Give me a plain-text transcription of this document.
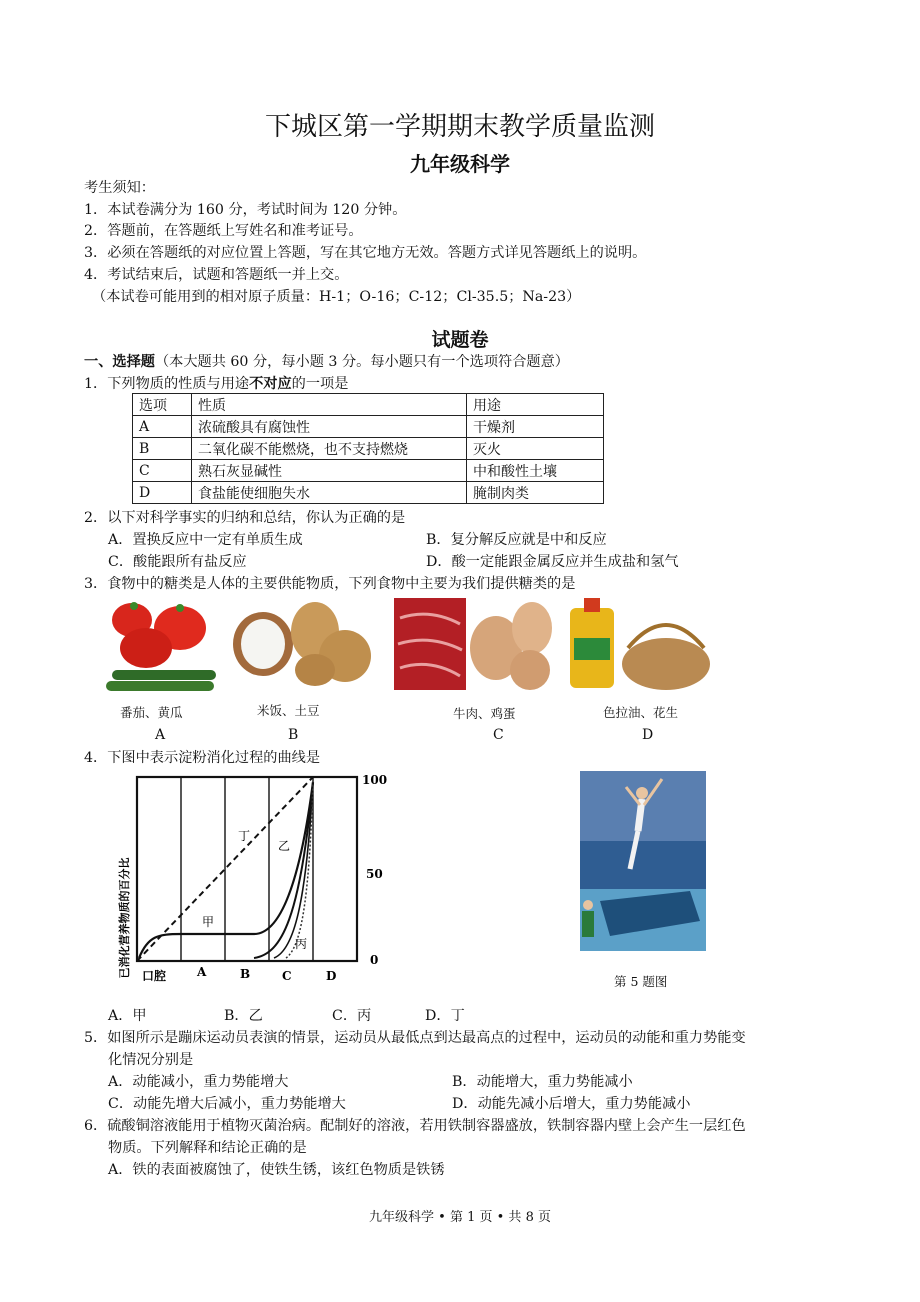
下城区第一学期期末教学质量监测
九年级科学
考生须知：
1．本试卷满分为 160 分，考试时间为 120 分钟。
2．答题前，在答题纸上写姓名和准考证号。
3．必须在答题纸的对应位置上答题，写在其它地方无效。答题方式详见答题纸上的说明。
4．考试结束后，试题和答题纸一并上交。
（本试卷可能用到的相对原子质量：H-1；O-16；C-12；Cl-35.5；Na-23）
试题卷
一、选择题（本大题共 60 分，每小题 3 分。每小题只有一个选项符合题意）
1．下列物质的性质与用途不对应的一项是
选项	性质	用途
A	浓硫酸具有腐蚀性	干燥剂
B	二氧化碳不能燃烧，也不支持燃烧	灭火
C	熟石灰显碱性	中和酸性土壤
D	食盐能使细胞失水	腌制肉类
2．以下对科学事实的归纳和总结，你认为正确的是
A．置换反应中一定有单质生成	B．复分解反应就是中和反应
C．酸能跟所有盐反应	D．酸一定能跟金属反应并生成盐和氢气
3．食物中的糖类是人体的主要供能物质，下列食物中主要为我们提供糖类的是
番茄、黄瓜	米饭、土豆	牛肉、鸡蛋	色拉油、花生
A	B	C	D
4．下图中表示淀粉消化过程的曲线是
已消化营养物质的百分比
丁
乙
甲
丙
100
50
0
口腔	A	B	C	D	第 5 题图
A．甲	B．乙	C．丙	D．丁
5．如图所示是蹦床运动员表演的情景，运动员从最低点到达最高点的过程中，运动员的动能和重力势能变
化情况分别是
A．动能减小，重力势能增大	B．动能增大，重力势能减小
C．动能先增大后减小，重力势能增大	D．动能先减小后增大，重力势能减小
6．硫酸铜溶液能用于植物灭菌治病。配制好的溶液，若用铁制容器盛放，铁制容器内壁上会产生一层红色
物质。下列解释和结论正确的是
A．铁的表面被腐蚀了，使铁生锈，该红色物质是铁锈
九年级科学 • 第 1 页 • 共 8 页
